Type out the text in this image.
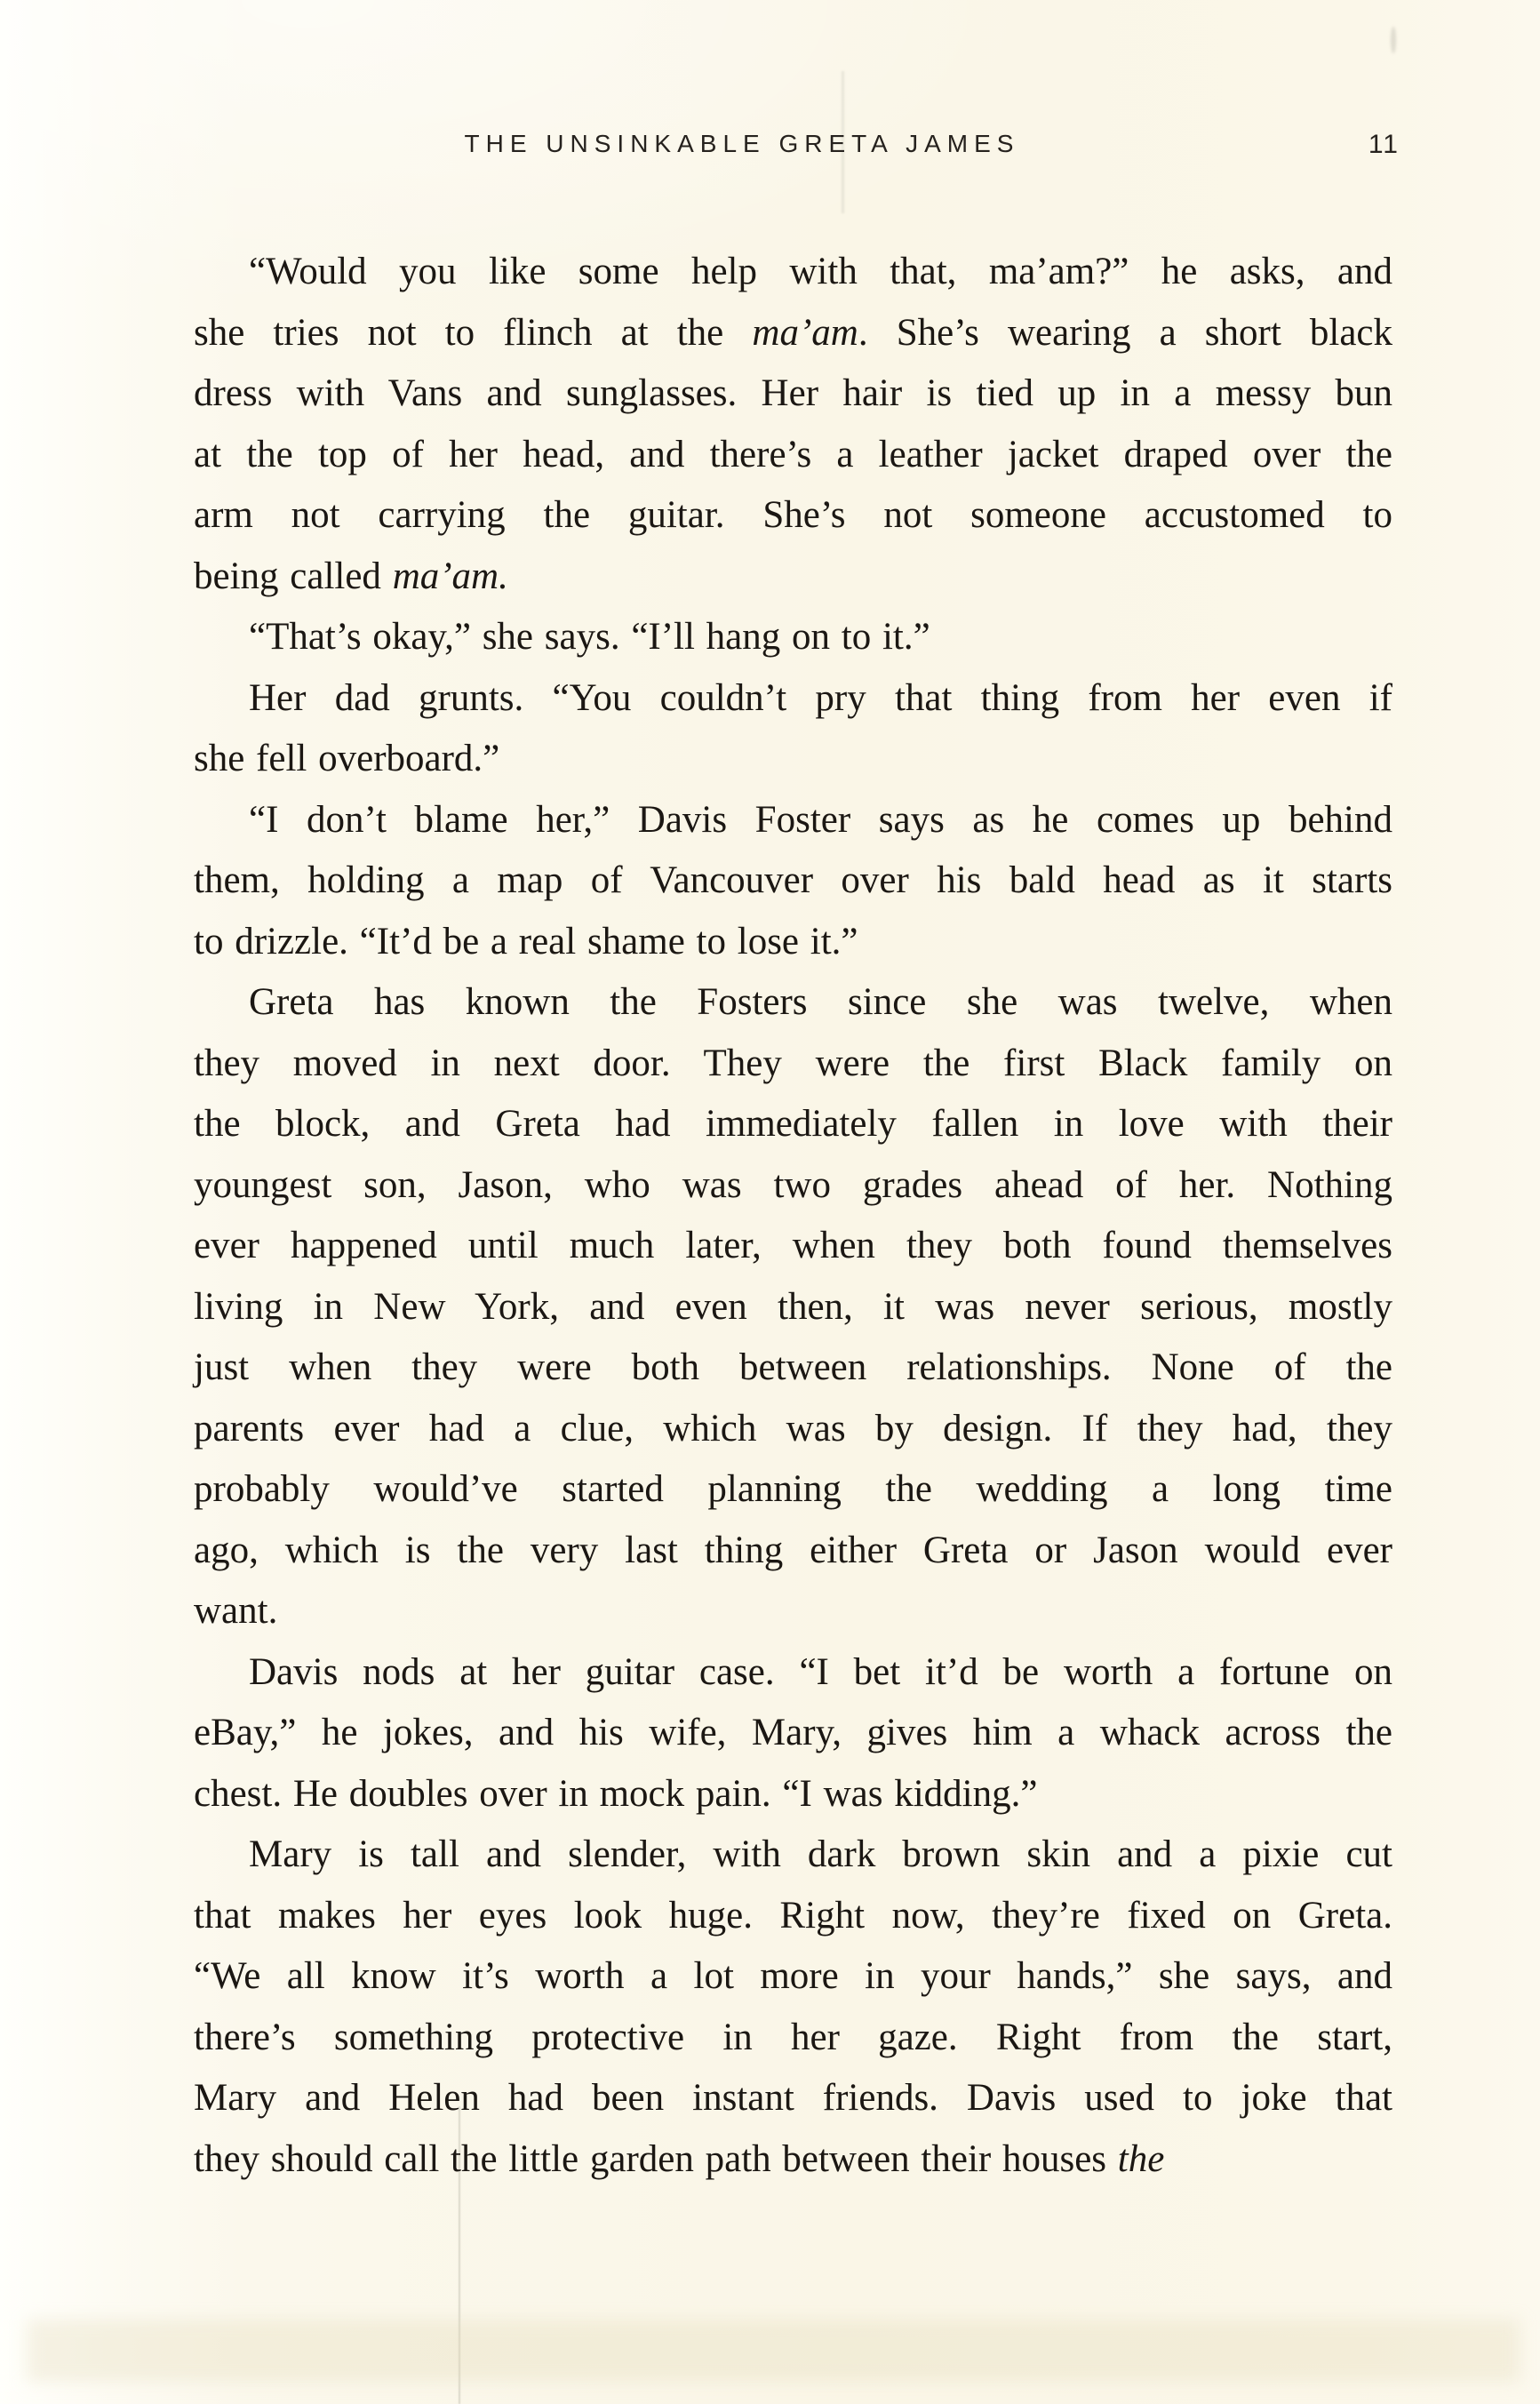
THE UNSINKABLE GRETA JAMES	11
“Would you like some help with that, ma’am?” he asks, and
she tries not to flinch at the ma’am. She’s wearing a short black
dress with Vans and sunglasses. Her hair is tied up in a messy bun
at the top of her head, and there’s a leather jacket draped over the
arm not carrying the guitar. She’s not someone accustomed to
being called ma’am.
“That’s okay,” she says. “I’ll hang on to it.”
Her dad grunts. “You couldn’t pry that thing from her even if
she fell overboard.”
“I don’t blame her,” Davis Foster says as he comes up behind
them, holding a map of Vancouver over his bald head as it starts
to drizzle. “It’d be a real shame to lose it.”
Greta has known the Fosters since she was twelve, when
they moved in next door. They were the first Black family on
the block, and Greta had immediately fallen in love with their
youngest son, Jason, who was two grades ahead of her. Nothing
ever happened until much later, when they both found themselves
living in New York, and even then, it was never serious, mostly
just when they were both between relationships. None of the
parents ever had a clue, which was by design. If they had, they
probably would’ve started planning the wedding a long time
ago, which is the very last thing either Greta or Jason would ever
want.
Davis nods at her guitar case. “I bet it’d be worth a fortune on
eBay,” he jokes, and his wife, Mary, gives him a whack across the
chest. He doubles over in mock pain. “I was kidding.”
Mary is tall and slender, with dark brown skin and a pixie cut
that makes her eyes look huge. Right now, they’re fixed on Greta.
“We all know it’s worth a lot more in your hands,” she says, and
there’s something protective in her gaze. Right from the start,
Mary and Helen had been instant friends. Davis used to joke that
they should call the little garden path between their houses the
